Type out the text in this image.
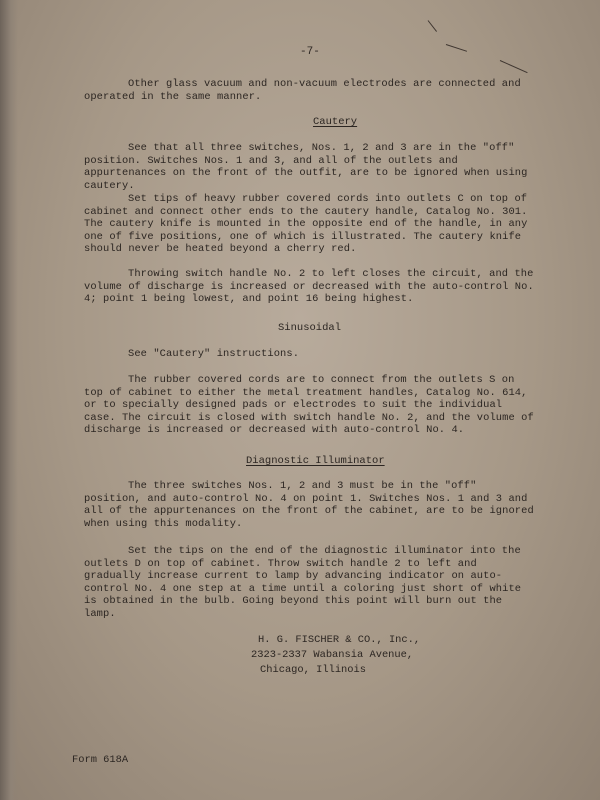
-7-
Other glass vacuum and non-vacuum electrodes are connected and operated in the same manner.
Cautery
See that all three switches, Nos. 1, 2 and 3 are in the "off" position. Switches Nos. 1 and 3, and all of the outlets and appurtenances on the front of the outfit, are to be ignored when using cautery.
Set tips of heavy rubber covered cords into outlets C on top of cabinet and connect other ends to the cautery handle, Catalog No. 301. The cautery knife is mounted in the opposite end of the handle, in any one of five positions, one of which is illustrated. The cautery knife should never be heated beyond a cherry red.
Throwing switch handle No. 2 to left closes the circuit, and the volume of discharge is increased or decreased with the auto-control No. 4; point 1 being lowest, and point 16 being highest.
Sinusoidal
See "Cautery" instructions.
The rubber covered cords are to connect from the outlets S on top of cabinet to either the metal treatment handles, Catalog No. 614, or to specially designed pads or electrodes to suit the individual case. The circuit is closed with switch handle No. 2, and the volume of discharge is increased or decreased with auto-control No. 4.
Diagnostic Illuminator
The three switches Nos. 1, 2 and 3 must be in the "off" position, and auto-control No. 4 on point 1. Switches Nos. 1 and 3 and all of the appurtenances on the front of the cabinet, are to be ignored when using this modality.
Set the tips on the end of the diagnostic illuminator into the outlets D on top of cabinet. Throw switch handle 2 to left and gradually increase current to lamp by advancing indicator on auto-control No. 4 one step at a time until a coloring just short of white is obtained in the bulb. Going beyond this point will burn out the lamp.
H. G. FISCHER & CO., Inc.,
2323-2337 Wabansia Avenue,
Chicago, Illinois
Form 618A
